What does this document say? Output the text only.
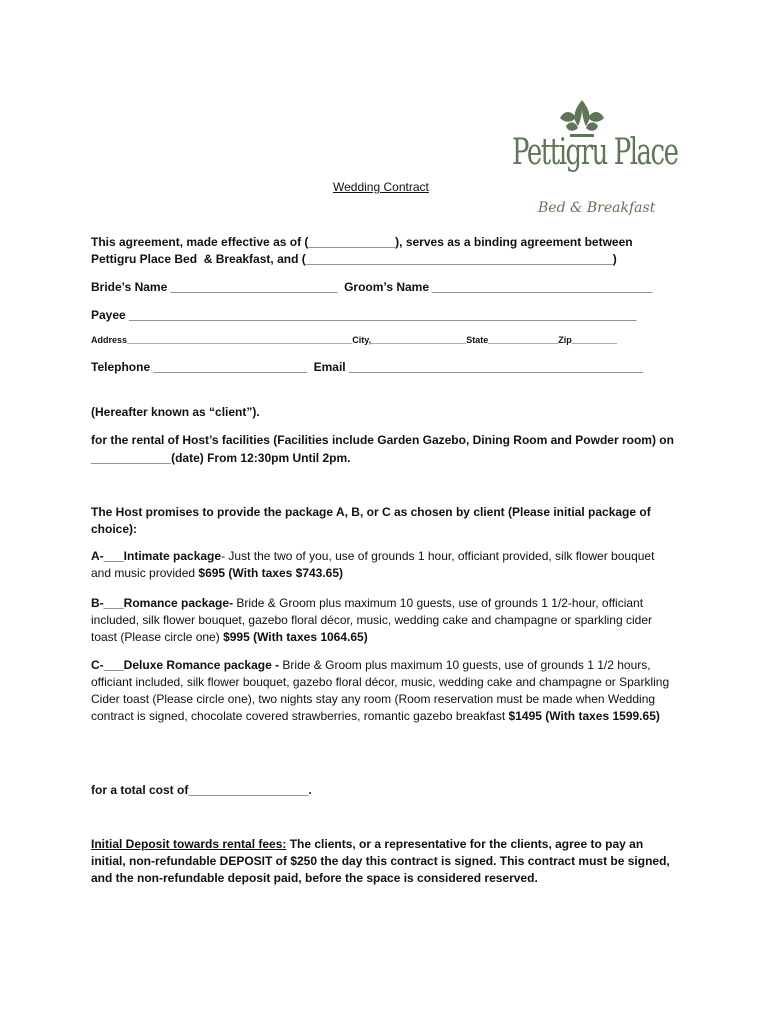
Pettigru Place
Bed & Breakfast
Wedding Contract
This agreement, made effective as of (_____________), serves as a binding agreement between
Pettigru Place Bed  & Breakfast, and (______________________________________________)
Bride’s Name _________________________  Groom’s Name _________________________________
Payee ____________________________________________________________________________
Address_____________________________________________City,___________________State______________Zip_________
Telephone _______________________  Email ____________________________________________
(Hereafter known as “client”).
for the rental of Host’s facilities (Facilities include Garden Gazebo, Dining Room and Powder room) on
____________(date) From 12:30pm Until 2pm.
The Host promises to provide the package A, B, or C as chosen by client (Please initial package of choice):
A-___Intimate package- Just the two of you, use of grounds 1 hour, officiant provided, silk flower bouquet and music provided $695 (With taxes $743.65)
B-___Romance package- Bride & Groom plus maximum 10 guests, use of grounds 1 1/2-hour, officiant included, silk flower bouquet, gazebo floral décor, music, wedding cake and champagne or sparkling cider toast (Please circle one) $995 (With taxes 1064.65)
C-___Deluxe Romance package - Bride & Groom plus maximum 10 guests, use of grounds 1 1/2 hours, officiant included, silk flower bouquet, gazebo floral décor, music, wedding cake and champagne or Sparkling Cider toast (Please circle one), two nights stay any room (Room reservation must be made when Wedding contract is signed, chocolate covered strawberries, romantic gazebo breakfast $1495 (With taxes 1599.65)
for a total cost of__________________.
Initial Deposit towards rental fees: The clients, or a representative for the clients, agree to pay an initial, non-refundable DEPOSIT of $250 the day this contract is signed. This contract must be signed, and the non-refundable deposit paid, before the space is considered reserved.
